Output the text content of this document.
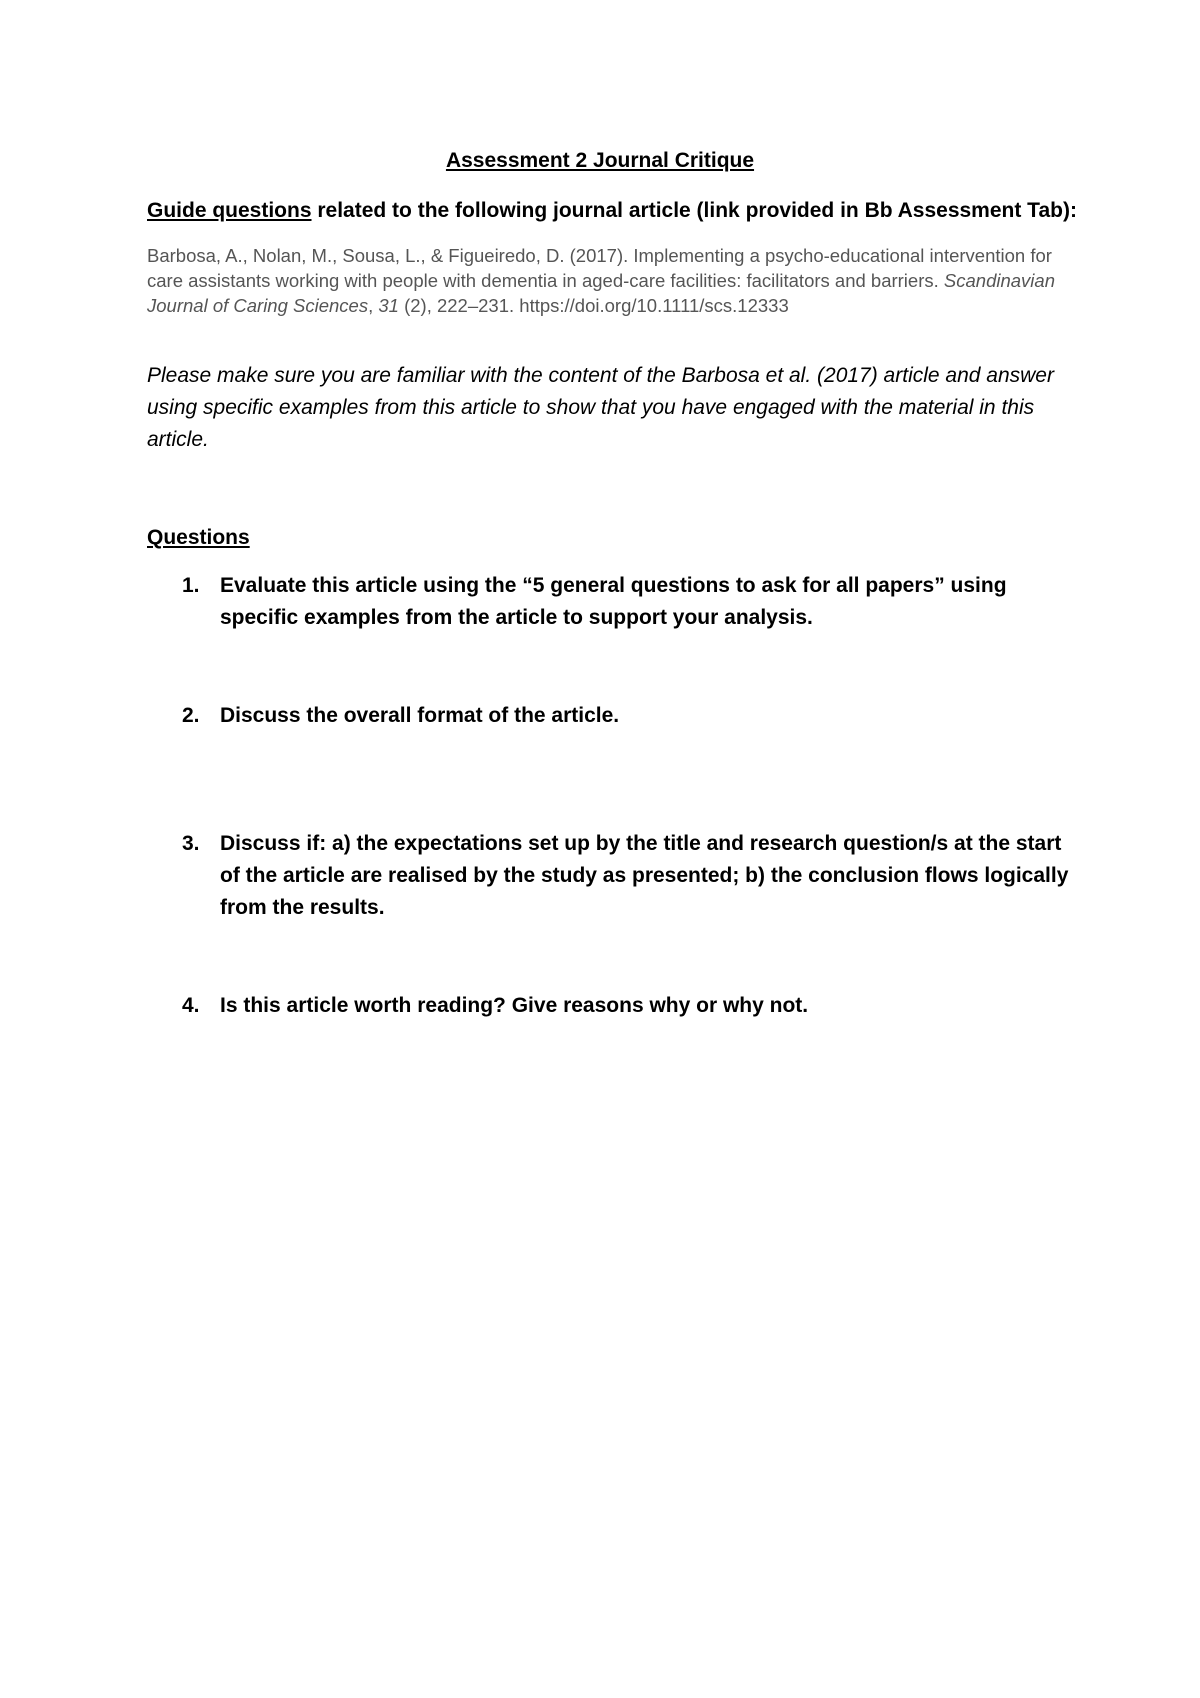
Assessment 2 Journal Critique
Guide questions related to the following journal article (link provided in Bb Assessment Tab):
Barbosa, A., Nolan, M., Sousa, L., & Figueiredo, D. (2017). Implementing a psycho-educational intervention for care assistants working with people with dementia in aged-care facilities: facilitators and barriers. Scandinavian Journal of Caring Sciences, 31 (2), 222–231. https://doi.org/10.1111/scs.12333
Please make sure you are familiar with the content of the Barbosa et al. (2017) article and answer using specific examples from this article to show that you have engaged with the material in this article.
Questions
1. Evaluate this article using the “5 general questions to ask for all papers” using specific examples from the article to support your analysis.
2. Discuss the overall format of the article.
3. Discuss if: a) the expectations set up by the title and research question/s at the start of the article are realised by the study as presented; b) the conclusion flows logically from the results.
4. Is this article worth reading? Give reasons why or why not.
